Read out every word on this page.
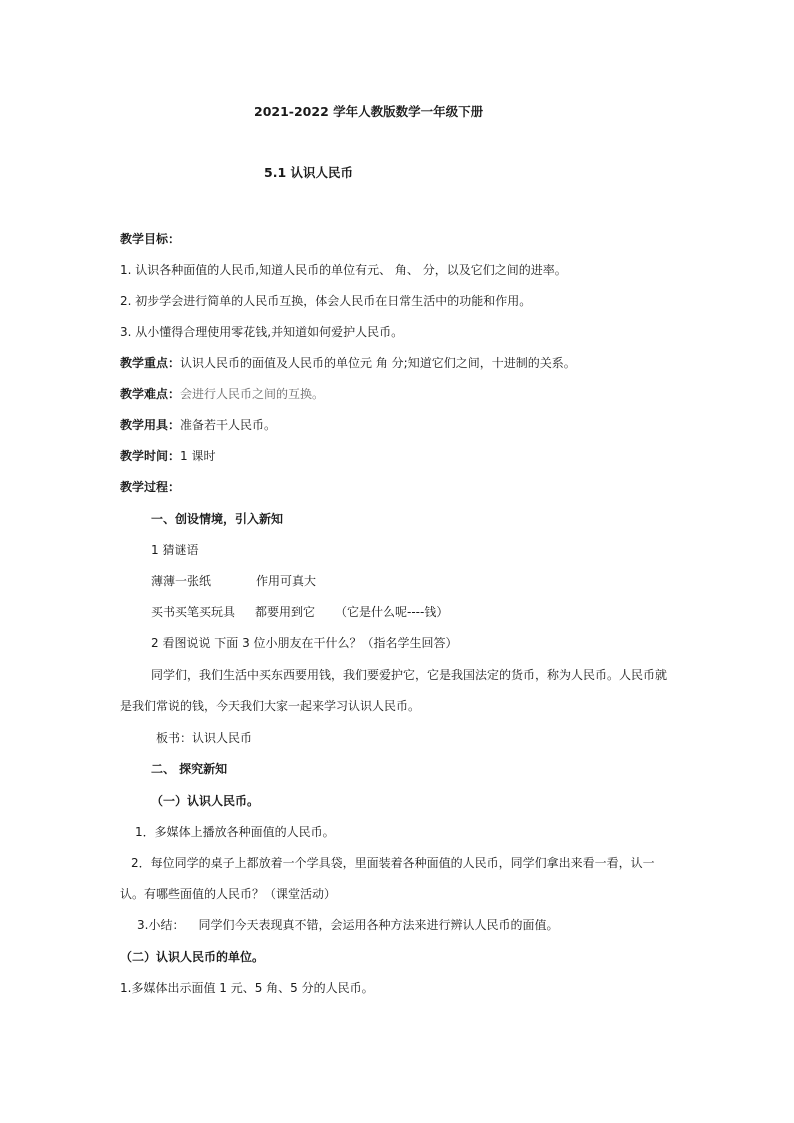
2021-2022 学年人教版数学一年级下册
5.1 认识人民币
教学目标：
1. 认识各种面值的人民币,知道人民币的单位有元、 角、 分，以及它们之间的进率。
2. 初步学会进行简单的人民币互换，体会人民币在日常生活中的功能和作用。
3. 从小懂得合理使用零花钱,并知道如何爱护人民币。
教学重点：认识人民币的面值及人民币的单位元 角 分;知道它们之间，十进制的关系。
教学难点：会进行人民币之间的互换。
教学用具：准备若干人民币。
教学时间：1 课时
教学过程：
一、创设情境，引入新知
1 猜谜语
薄薄一张纸	作用可真大
买书买笔买玩具 都要用到它 （它是什么呢----钱）
2 看图说说 下面 3 位小朋友在干什么？（指名学生回答）
同学们，我们生活中买东西要用钱，我们要爱护它，它是我国法定的货币，称为人民币。人民币就
是我们常说的钱，今天我们大家一起来学习认识人民币。
板书：认识人民币
二、 探究新知
（一）认识人民币。
1．多媒体上播放各种面值的人民币。
2．每位同学的桌子上都放着一个学具袋，里面装着各种面值的人民币，同学们拿出来看一看，认一
认。有哪些面值的人民币？（课堂活动）
3.小结： 同学们今天表现真不错，会运用各种方法来进行辨认人民币的面值。
（二）认识人民币的单位。
1.多媒体出示面值 1 元、5 角、5 分的人民币。
